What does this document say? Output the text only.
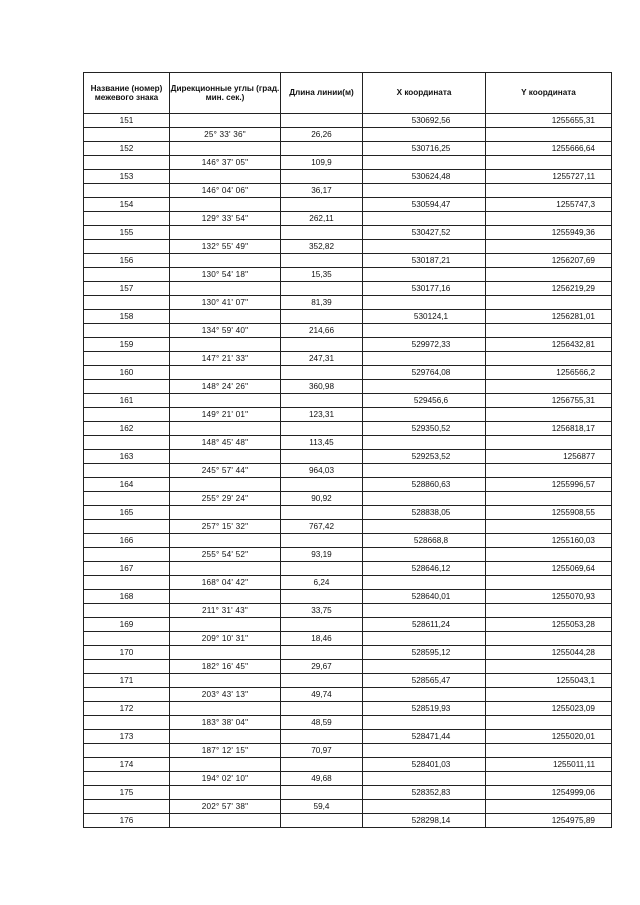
Название (номер) межевого знака	Дирекционные углы (град. мин. сек.)	Длина линии(м)	X координата	Y координата
151			530692,56	1255655,31
	25° 33' 36"	26,26		
152			530716,25	1255666,64
	146° 37' 05"	109,9		
153			530624,48	1255727,11
	146° 04' 06"	36,17		
154			530594,47	1255747,3
	129° 33' 54"	262,11		
155			530427,52	1255949,36
	132° 55' 49"	352,82		
156			530187,21	1256207,69
	130° 54' 18"	15,35		
157			530177,16	1256219,29
	130° 41' 07"	81,39		
158			530124,1	1256281,01
	134° 59' 40"	214,66		
159			529972,33	1256432,81
	147° 21' 33"	247,31		
160			529764,08	1256566,2
	148° 24' 26"	360,98		
161			529456,6	1256755,31
	149° 21' 01"	123,31		
162			529350,52	1256818,17
	148° 45' 48"	113,45		
163			529253,52	1256877
	245° 57' 44"	964,03		
164			528860,63	1255996,57
	255° 29' 24"	90,92		
165			528838,05	1255908,55
	257° 15' 32"	767,42		
166			528668,8	1255160,03
	255° 54' 52"	93,19		
167			528646,12	1255069,64
	168° 04' 42"	6,24		
168			528640,01	1255070,93
	211° 31' 43"	33,75		
169			528611,24	1255053,28
	209° 10' 31"	18,46		
170			528595,12	1255044,28
	182° 16' 45"	29,67		
171			528565,47	1255043,1
	203° 43' 13"	49,74		
172			528519,93	1255023,09
	183° 38' 04"	48,59		
173			528471,44	1255020,01
	187° 12' 15"	70,97		
174			528401,03	1255011,11
	194° 02' 10"	49,68		
175			528352,83	1254999,06
	202° 57' 38"	59,4		
176			528298,14	1254975,89
